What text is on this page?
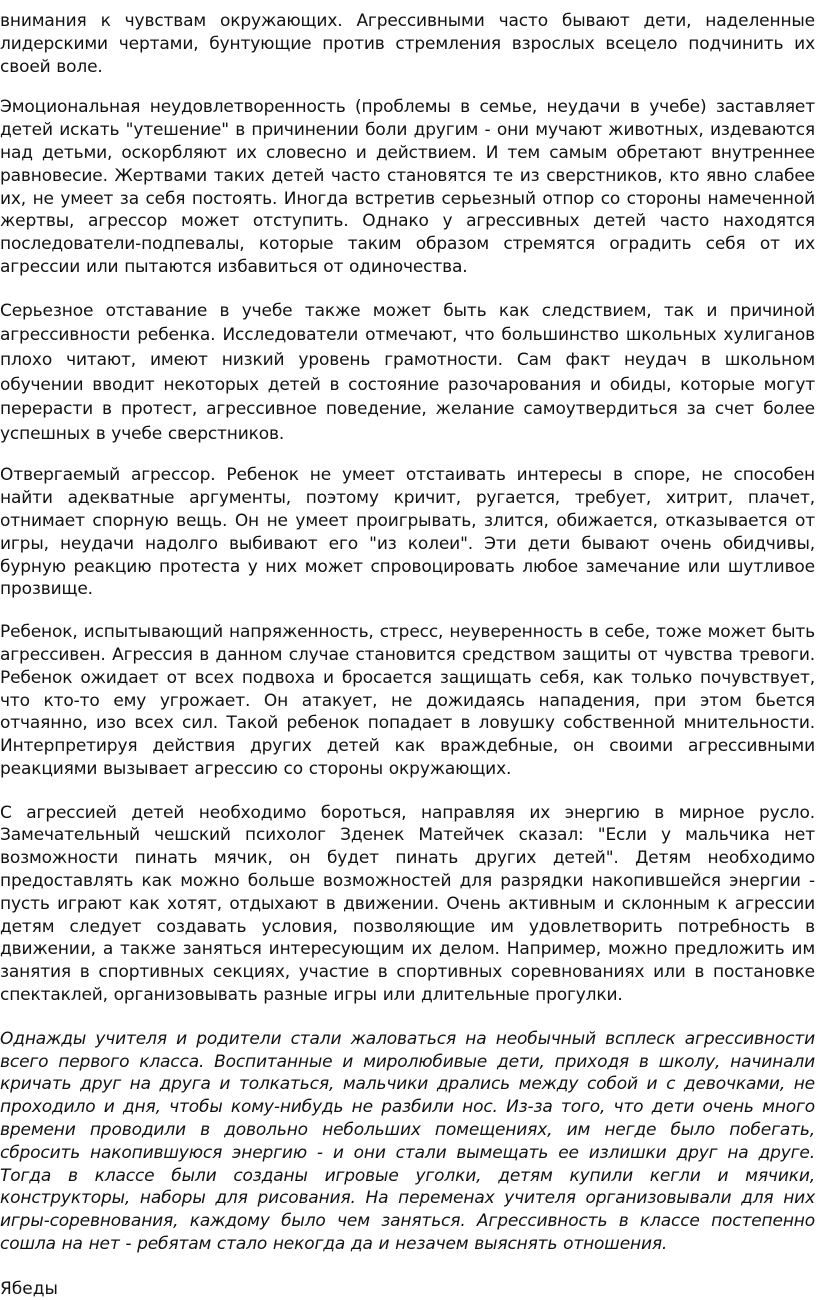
внимания к чувствам окружающих. Агрессивными часто бывают дети, наделенные лидерскими чертами, бунтующие против стремления взрослых всецело подчинить их своей воле.

Эмоциональная неудовлетворенность (проблемы в семье, неудачи в учебе) заставляет детей искать "утешение" в причинении боли другим - они мучают животных, издеваются над детьми, оскорбляют их словесно и действием. И тем самым обретают внутреннее равновесие. Жертвами таких детей часто становятся те из сверстников, кто явно слабее их, не умеет за себя постоять. Иногда встретив серьезный отпор со стороны намеченной жертвы, агрессор может отступить. Однако у агрессивных детей часто находятся последователи-подпевалы, которые таким образом стремятся оградить себя от их агрессии или пытаются избавиться от одиночества.

Серьезное отставание в учебе также может быть как следствием, так и причиной агрессивности ребенка. Исследователи отмечают, что большинство школьных хулиганов плохо читают, имеют низкий уровень грамотности. Сам факт неудач в школьном обучении вводит некоторых детей в состояние разочарования и обиды, которые могут перерасти в протест, агрессивное поведение, желание самоутвердиться за счет более успешных в учебе сверстников.

Отвергаемый агрессор. Ребенок не умеет отстаивать интересы в споре, не способен найти адекватные аргументы, поэтому кричит, ругается, требует, хитрит, плачет, отнимает спорную вещь. Он не умеет проигрывать, злится, обижается, отказывается от игры, неудачи надолго выбивают его "из колеи". Эти дети бывают очень обидчивы, бурную реакцию протеста у них может спровоцировать любое замечание или шутливое прозвище.

Ребенок, испытывающий напряженность, стресс, неуверенность в себе, тоже может быть агрессивен. Агрессия в данном случае становится средством защиты от чувства тревоги. Ребенок ожидает от всех подвоха и бросается защищать себя, как только почувствует, что кто-то ему угрожает. Он атакует, не дожидаясь нападения, при этом бьется отчаянно, изо всех сил. Такой ребенок попадает в ловушку собственной мнительности. Интерпретируя действия других детей как враждебные, он своими агрессивными реакциями вызывает агрессию со стороны окружающих.

С агрессией детей необходимо бороться, направляя их энергию в мирное русло. Замечательный чешский психолог Зденек Матейчек сказал: "Если у мальчика нет возможности пинать мячик, он будет пинать других детей". Детям необходимо предоставлять как можно больше возможностей для разрядки накопившейся энергии - пусть играют как хотят, отдыхают в движении. Очень активным и склонным к агрессии детям следует создавать условия, позволяющие им удовлетворить потребность в движении, а также заняться интересующим их делом. Например, можно предложить им занятия в спортивных секциях, участие в спортивных соревнованиях или в постановке спектаклей, организовывать разные игры или длительные прогулки.

Однажды учителя и родители стали жаловаться на необычный всплеск агрессивности всего первого класса. Воспитанные и миролюбивые дети, приходя в школу, начинали кричать друг на друга и толкаться, мальчики дрались между собой и с девочками, не проходило и дня, чтобы кому-нибудь не разбили нос. Из-за того, что дети очень много времени проводили в довольно небольших помещениях, им негде было побегать, сбросить накопившуюся энергию - и они стали вымещать ее излишки друг на друге. Тогда в классе были созданы игровые уголки, детям купили кегли и мячики, конструкторы, наборы для рисования. На переменах учителя организовывали для них игры-соревнования, каждому было чем заняться. Агрессивность в классе постепенно сошла на нет - ребятам стало некогда да и незачем выяснять отношения.

Ябеды
